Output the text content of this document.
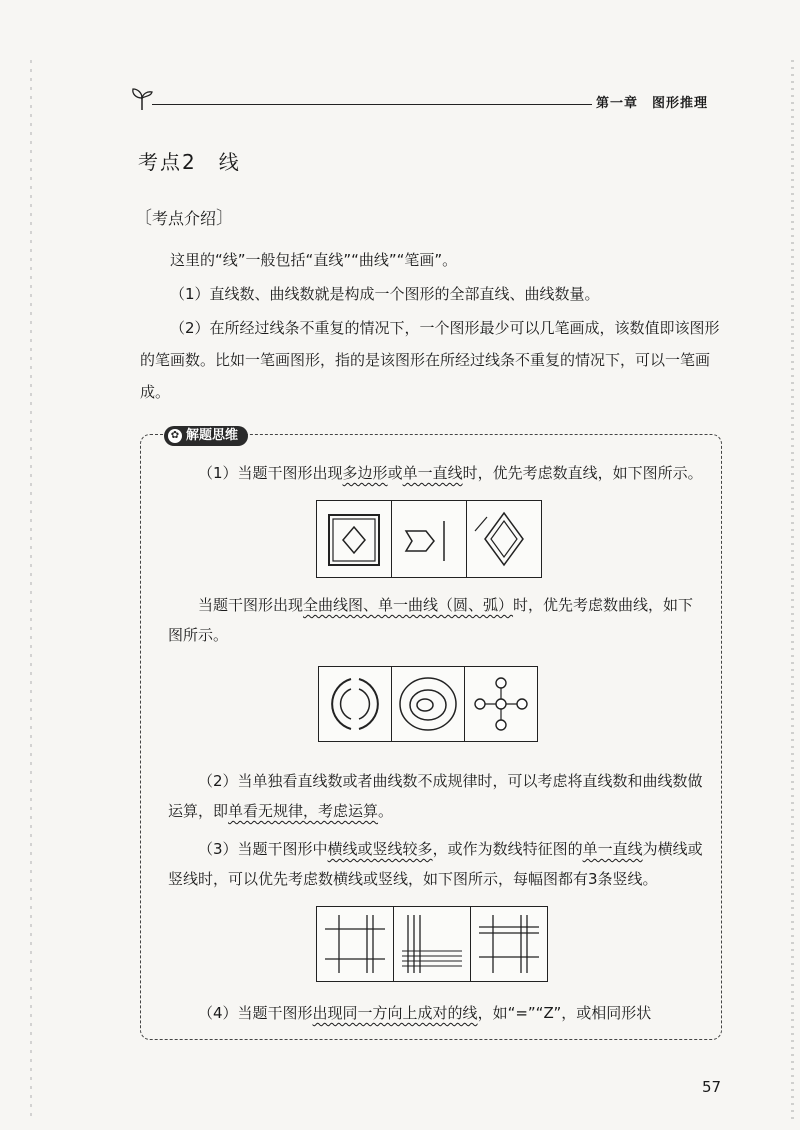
第一章　图形推理
考点2　线
〔考点介绍〕
这里的“线”一般包括“直线”“曲线”“笔画”。
（1）直线数、曲线数就是构成一个图形的全部直线、曲线数量。
（2）在所经过线条不重复的情况下，一个图形最少可以几笔画成，该数值即该图形的笔画数。比如一笔画图形，指的是该图形在所经过线条不重复的情况下，可以一笔画成。
✿ 解题思维
（1）当题干图形出现多边形或单一直线时，优先考虑数直线，如下图所示。
当题干图形出现全曲线图、单一曲线（圆、弧）时，优先考虑数曲线，如下图所示。
（2）当单独看直线数或者曲线数不成规律时，可以考虑将直线数和曲线数做运算，即单看无规律，考虑运算。
（3）当题干图形中横线或竖线较多，或作为数线特征图的单一直线为横线或竖线时，可以优先考虑数横线或竖线，如下图所示，每幅图都有3条竖线。
（4）当题干图形出现同一方向上成对的线，如“=”“Z”，或相同形状
57
